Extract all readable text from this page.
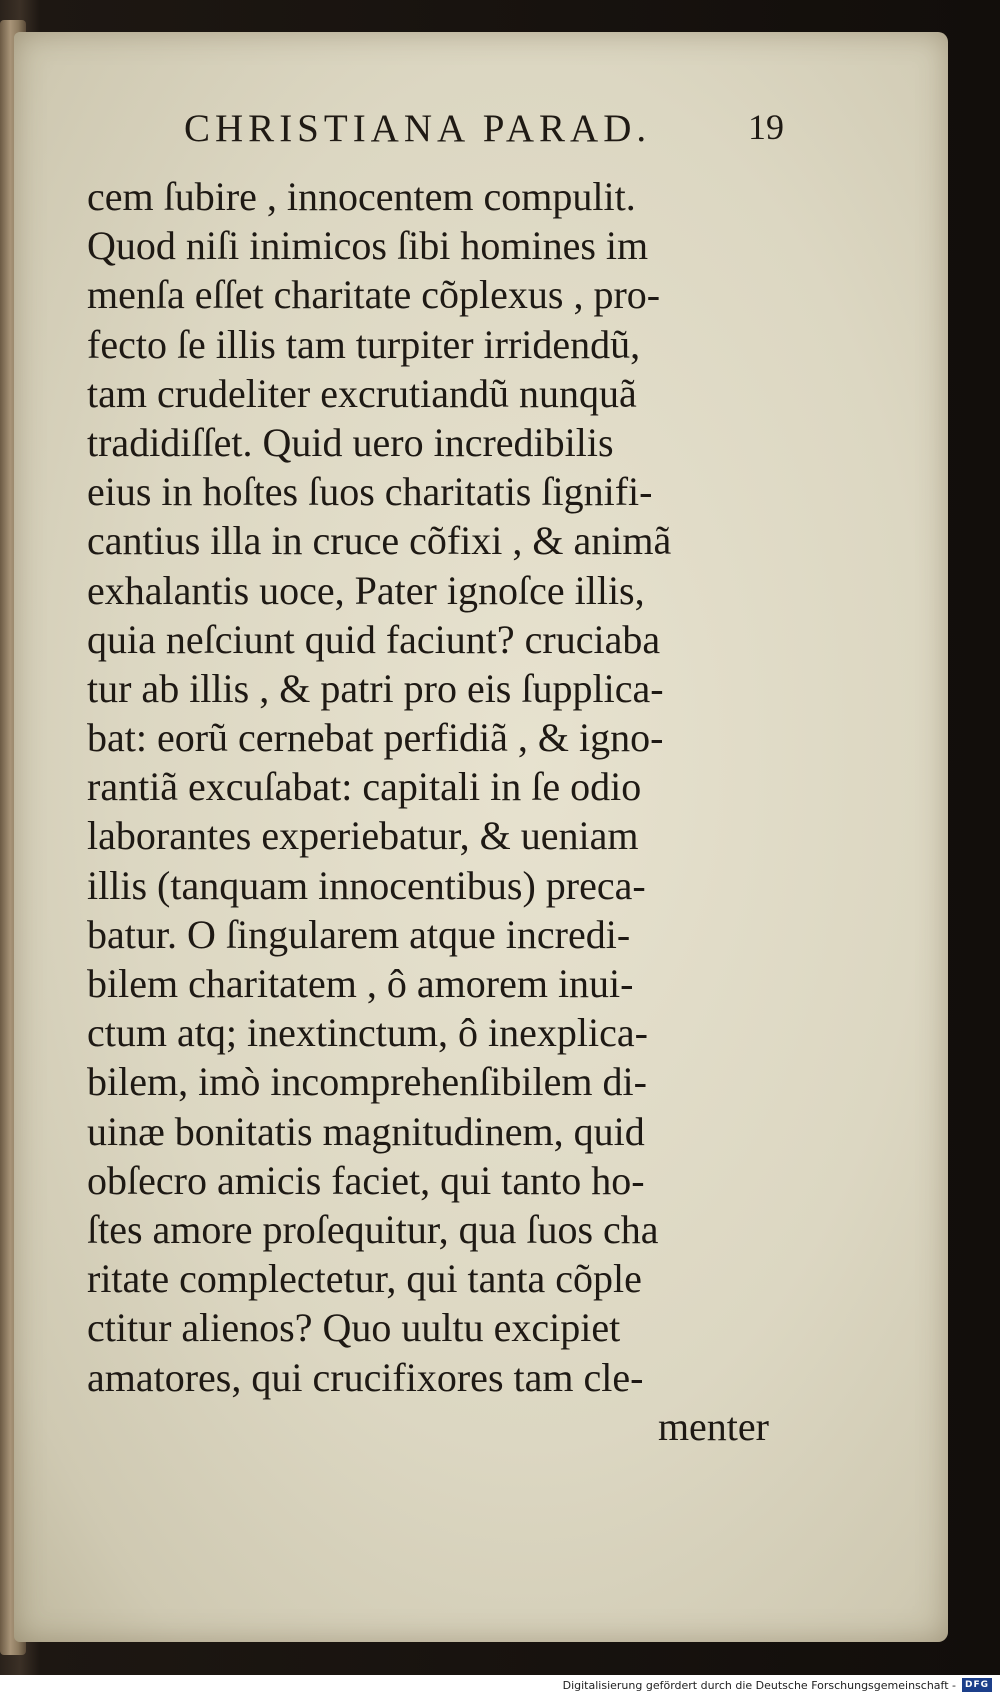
CHRISTIANA PARAD.	19
cem ſubire , innocentem compulit.
Quod niſi inimicos ſibi homines im
menſa eſſet charitate cõplexus , pro-
fecto ſe illis tam turpiter irridendũ,
tam crudeliter excrutiandũ nunquã
tradidiſſet. Quid uero incredibilis
eius in hoſtes ſuos charitatis ſignifi-
cantius illa in cruce cõfixi , & animã
exhalantis uoce, Pater ignoſce illis,
quia neſciunt quid faciunt? cruciaba
tur ab illis , & patri pro eis ſupplica-
bat: eorũ cernebat perfidiã , & igno-
rantiã excuſabat: capitali in ſe odio
laborantes experiebatur, & ueniam
illis (tanquam innocentibus) preca-
batur. O ſingularem atque incredi-
bilem charitatem , ô amorem inui-
ctum atq; inextinctum, ô inexplica-
bilem, imò incomprehenſibilem di-
uinæ bonitatis magnitudinem, quid
obſecro amicis faciet, qui tanto ho-
ſtes amore proſequitur, qua ſuos cha
ritate complectetur, qui tanta cõple
ctitur alienos? Quo uultu excipiet
amatores, qui crucifixores tam cle-
menter
Digitalisierung gefördert durch die Deutsche Forschungsgemeinschaft - DFG
